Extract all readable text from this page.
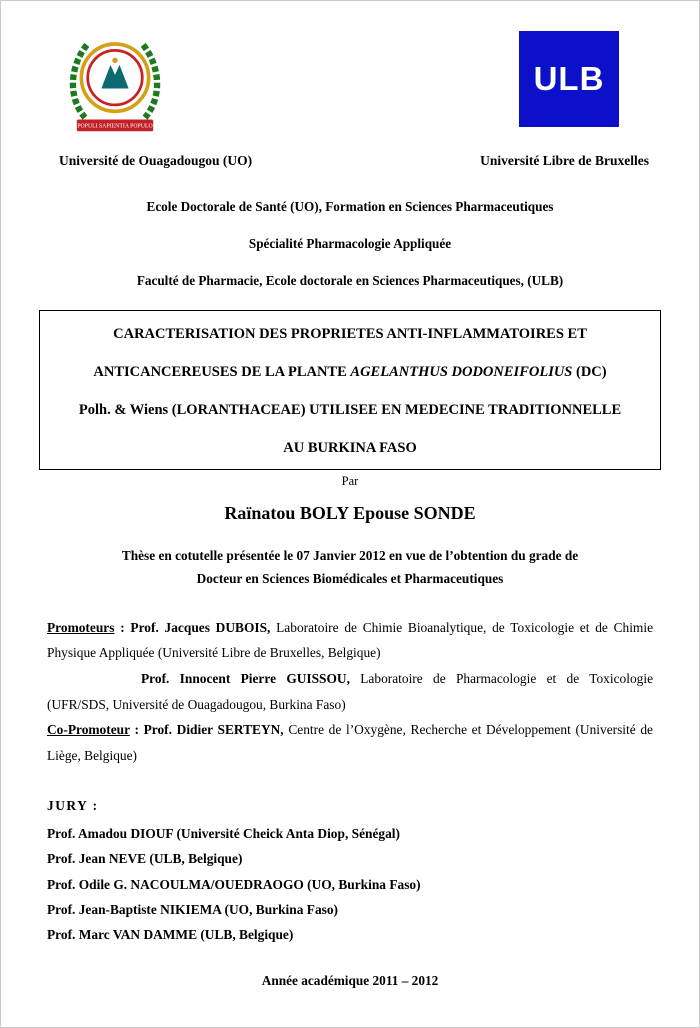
POPULI SAPIENTIA POPULO
ULB
Université de Ouagadougou (UO)	Université Libre de Bruxelles
Ecole Doctorale de Santé (UO), Formation en Sciences Pharmaceutiques
Spécialité Pharmacologie Appliquée
Faculté de Pharmacie, Ecole doctorale en Sciences Pharmaceutiques, (ULB)
CARACTERISATION DES PROPRIETES ANTI-INFLAMMATOIRES ET
ANTICANCEREUSES DE LA PLANTE AGELANTHUS DODONEIFOLIUS (DC)
Polh. & Wiens (LORANTHACEAE) UTILISEE EN MEDECINE TRADITIONNELLE
AU BURKINA FASO
Par
Raïnatou BOLY Epouse SONDE
Thèse en cotutelle présentée le 07 Janvier 2012 en vue de l’obtention du grade de
Docteur en Sciences Biomédicales et Pharmaceutiques

Promoteurs : Prof. Jacques DUBOIS, Laboratoire de Chimie Bioanalytique, de Toxicologie et de Chimie Physique Appliquée (Université Libre de Bruxelles, Belgique)

Prof. Innocent Pierre GUISSOU, Laboratoire de Pharmacologie et de Toxicologie (UFR/SDS, Université de Ouagadougou, Burkina Faso)

Co-Promoteur : Prof. Didier SERTEYN, Centre de l’Oxygène, Recherche et Développement (Université de Liège, Belgique)

JURY :
Prof. Amadou DIOUF (Université Cheick Anta Diop, Sénégal)
Prof. Jean NEVE (ULB, Belgique)
Prof. Odile G. NACOULMA/OUEDRAOGO (UO, Burkina Faso)
Prof. Jean-Baptiste NIKIEMA (UO, Burkina Faso)
Prof. Marc VAN DAMME (ULB, Belgique)
Année académique 2011 – 2012
